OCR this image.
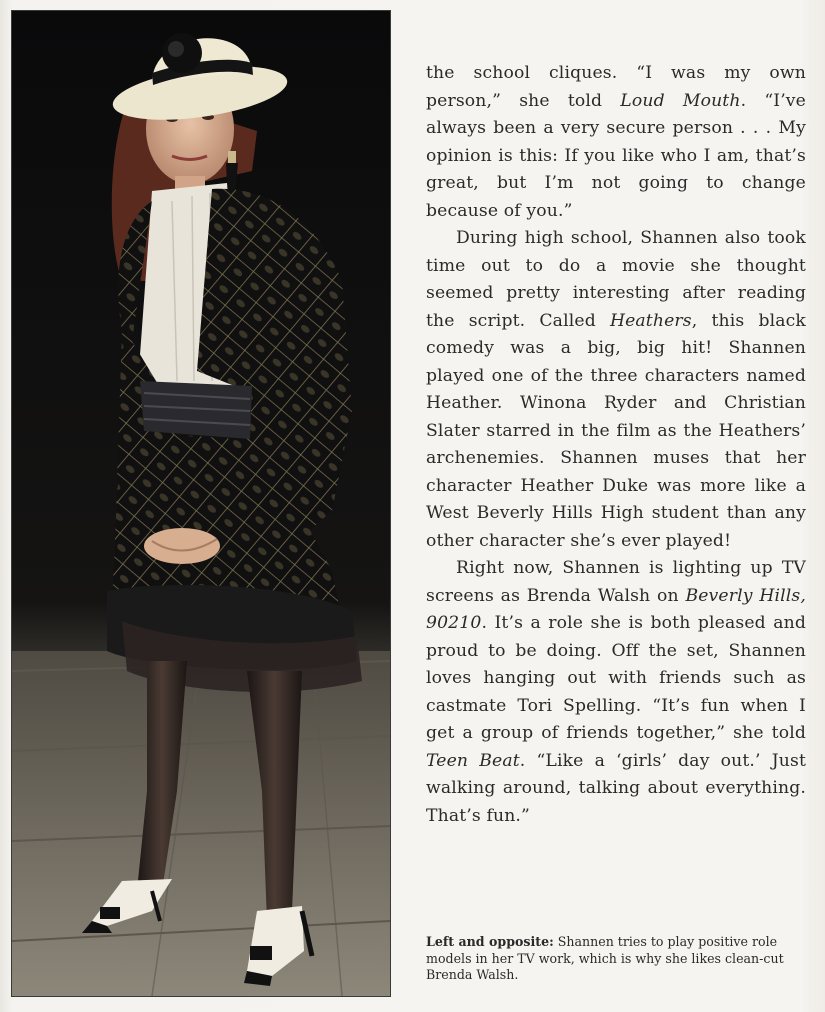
the school cliques. “I was my own person,” she told Loud Mouth. “I’ve always been a very secure person . . . My opinion is this: If you like who I am, that’s great, but I’m not going to change because of you.”

During high school, Shannen also took time out to do a movie she thought seemed pretty interesting after reading the script. Called Heathers, this black comedy was a big, big hit! Shannen played one of the three characters named Heather. Winona Ryder and Christian Slater starred in the film as the Heathers’ archenemies. Shannen muses that her character Heather Duke was more like a West Beverly Hills High student than any other character she’s ever played!

Right now, Shannen is lighting up TV screens as Brenda Walsh on Beverly Hills, 90210. It’s a role she is both pleased and proud to be doing. Off the set, Shannen loves hanging out with friends such as castmate Tori Spelling. “It’s fun when I get a group of friends together,” she told Teen Beat. “Like a ‘girls’ day out.’ Just walking around, talking about everything. That’s fun.”

Left and opposite: Shannen tries to play positive role models in her TV work, which is why she likes clean-cut Brenda Walsh.
